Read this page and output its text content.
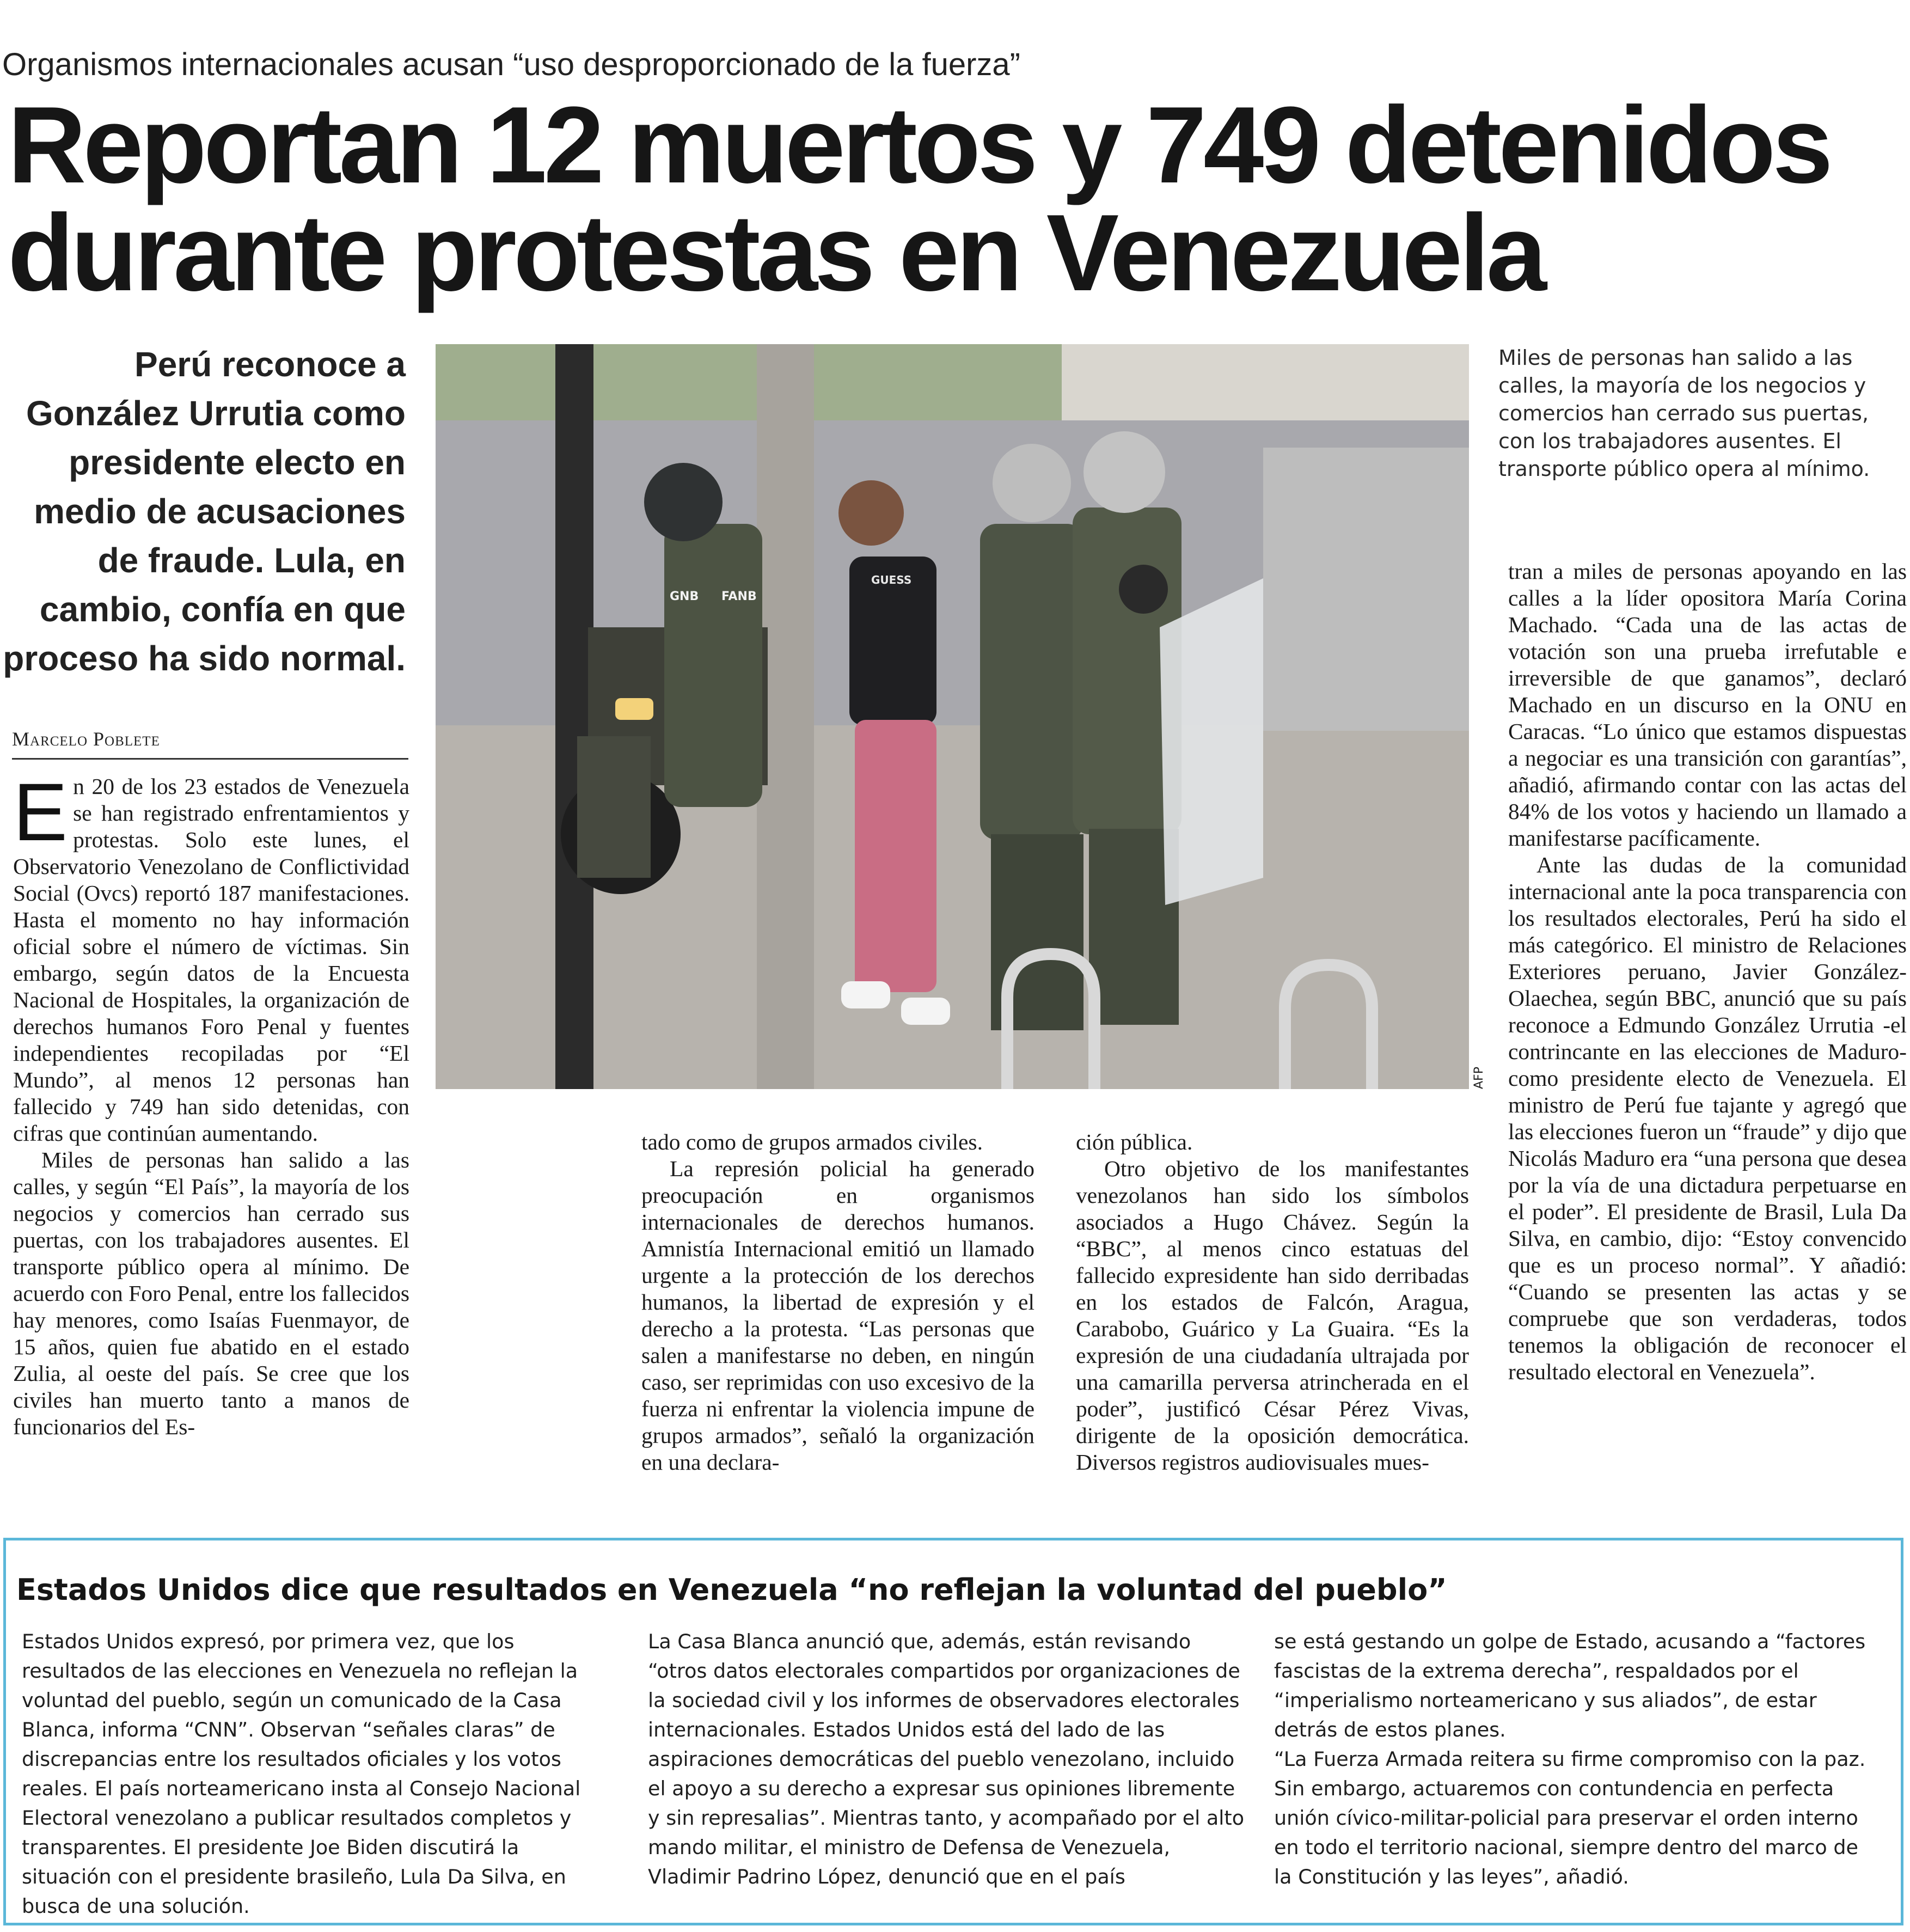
Organismos internacionales acusan “uso desproporcionado de la fuerza”
Reportan 12 muertos y 749 detenidos
durante protestas en Venezuela
Perú reconoce a González Urrutia como presidente electo en medio de acusaciones de fraude. Lula, en cambio, confía en que proceso ha sido normal.
Marcelo Poblete

En 20 de los 23 estados de Venezuela se han registrado enfrentamientos y protestas. Solo este lunes, el Observatorio Venezolano de Conflictividad Social (Ovcs) reportó 187 manifestaciones. Hasta el momento no hay información oficial sobre el número de víctimas. Sin embargo, según datos de la Encuesta Nacional de Hospitales, la organización de derechos humanos Foro Penal y fuentes independientes recopiladas por “El Mundo”, al menos 12 personas han fallecido y 749 han sido detenidas, con cifras que continúan aumentando.

Miles de personas han salido a las calles, y según “El País”, la mayoría de los negocios y comercios han cerrado sus puertas, con los trabajadores ausentes. El transporte público opera al mínimo. De acuerdo con Foro Penal, entre los fallecidos hay menores, como Isaías Fuenmayor, de 15 años, quien fue abatido en el estado Zulia, al oeste del país. Se cree que los civiles han muerto tanto a manos de funcionarios del Es-

GNB FANB
GUESS
AFP
Miles de personas han salido a las calles, la mayoría de los negocios y comercios han cerrado sus puertas, con los trabajadores ausentes. El transporte público opera al mínimo.

tado como de grupos armados civiles.

La represión policial ha generado preocupación en organismos internacionales de derechos humanos. Amnistía Internacional emitió un llamado urgente a la protección de los derechos humanos, la libertad de expresión y el derecho a la protesta. “Las personas que salen a manifestarse no deben, en ningún caso, ser reprimidas con uso excesivo de la fuerza ni enfrentar la violencia impune de grupos armados”, señaló la organización en una declara-

ción pública.

Otro objetivo de los manifestantes venezolanos han sido los símbolos asociados a Hugo Chávez. Según la “BBC”, al menos cinco estatuas del fallecido expresidente han sido derribadas en los estados de Falcón, Aragua, Carabobo, Guárico y La Guaira. “Es la expresión de una ciudadanía ultrajada por una camarilla perversa atrincherada en el poder”, justificó César Pérez Vivas, dirigente de la oposición democrática. Diversos registros audiovisuales mues-

tran a miles de personas apoyando en las calles a la líder opositora María Corina Machado. “Cada una de las actas de votación son una prueba irrefutable e irreversible de que ganamos”, declaró Machado en un discurso en la ONU en Caracas. “Lo único que estamos dispuestas a negociar es una transición con garantías”, añadió, afirmando contar con las actas del 84% de los votos y haciendo un llamado a manifestarse pacíficamente.

Ante las dudas de la comunidad internacional ante la poca transparencia con los resultados electorales, Perú ha sido el más categórico. El ministro de Relaciones Exteriores peruano, Javier González-Olaechea, según BBC, anunció que su país reconoce a Edmundo González Urrutia -el contrincante en las elecciones de Maduro- como presidente electo de Venezuela. El ministro de Perú fue tajante y agregó que las elecciones fueron un “fraude” y dijo que Nicolás Maduro era “una persona que desea por la vía de una dictadura perpetuarse en el poder”. El presidente de Brasil, Lula Da Silva, en cambio, dijo: “Estoy convencido que es un proceso normal”. Y añadió: “Cuando se presenten las actas y se compruebe que son verdaderas, todos tenemos la obligación de reconocer el resultado electoral en Venezuela”.

Estados Unidos dice que resultados en Venezuela “no reflejan la voluntad del pueblo”

Estados Unidos expresó, por primera vez, que los resultados de las elecciones en Venezuela no reflejan la voluntad del pueblo, según un comunicado de la Casa Blanca, informa “CNN”. Observan “señales claras” de discrepancias entre los resultados oficiales y los votos reales. El país norteamericano insta al Consejo Nacional Electoral venezolano a publicar resultados completos y transparentes. El presidente Joe Biden discutirá la situación con el presidente brasileño, Lula Da Silva, en busca de una solución.

La Casa Blanca anunció que, además, están revisando “otros datos electorales compartidos por organizaciones de la sociedad civil y los informes de observadores electorales internacionales. Estados Unidos está del lado de las aspiraciones democráticas del pueblo venezolano, incluido el apoyo a su derecho a expresar sus opiniones libremente y sin represalias”. Mientras tanto, y acompañado por el alto mando militar, el ministro de Defensa de Venezuela, Vladimir Padrino López, denunció que en el país

se está gestando un golpe de Estado, acusando a “factores fascistas de la extrema derecha”, respaldados por el “imperialismo norteamericano y sus aliados”, de estar detrás de estos planes.

“La Fuerza Armada reitera su firme compromiso con la paz. Sin embargo, actuaremos con contundencia en perfecta unión cívico-militar-policial para preservar el orden interno en todo el territorio nacional, siempre dentro del marco de la Constitución y las leyes”, añadió.
